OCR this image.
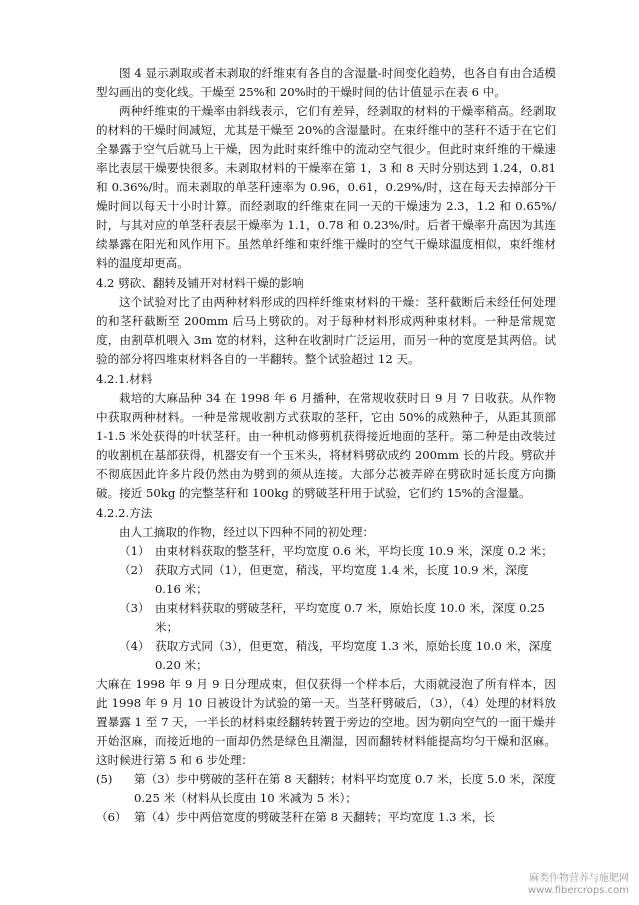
图 4 显示剥取或者未剥取的纤维束有各自的含湿量-时间变化趋势，也各自有由合适模型勾画出的变化线。干燥至 25%和 20%时的干燥时间的估计值显示在表 6 中。

两种纤维束的干燥率由斜线表示，它们有差异，经剥取的材料的干燥率稍高。经剥取的材料的干燥时间减短，尤其是干燥至 20%的含湿量时。在束纤维中的茎秆不适于在它们全暴露于空气后就马上干燥，因为此时束纤维中的流动空气很少。但此时束纤维的干燥速率比表层干燥要快很多。未剥取材料的干燥率在第 1，3 和 8 天时分别达到 1.24，0.81 和 0.36%/时。而未剥取的单茎秆速率为 0.96，0.61，0.29%/时，这在每天去掉部分干燥时间以每天十小时计算。而经剥取的纤维束在同一天的干燥速为 2.3，1.2 和 0.65%/时，与其对应的单茎秆表层干燥率为 1.1，0.78 和 0.23%/时。后者干燥率升高因为其连续暴露在阳光和风作用下。虽然单纤维和束纤维干燥时的空气干燥球温度相似，束纤维材料的温度却更高。

4.2 劈砍、翻转及铺开对材料干燥的影响

这个试验对比了由两种材料形成的四样纤维束材料的干燥：茎秆截断后未经任何处理的和茎秆截断至 200mm 后马上劈砍的。对于每种材料形成两种束材料。一种是常规宽度，由割草机喂入 3m 宽的材料，这种在收割时广泛运用，而另一种的宽度是其两倍。试验的部分将四堆束材料各自的一半翻转。整个试验超过 12 天。

4.2.1.材料

栽培的大麻品种 34 在 1998 年 6 月播种，在常规收获时日 9 月 7 日收获。从作物中获取两种材料。一种是常规收割方式获取的茎秆，它由 50%的成熟种子，从距其顶部 1-1.5 米处获得的叶状茎秆。由一种机动修剪机获得接近地面的茎秆。第二种是由改装过的收割机在基部获得，机器安有一个玉米头，将材料劈砍成约 200mm 长的片段。劈砍并不彻底因此许多片段仍然由为劈到的须从连接。大部分芯被弄碎在劈砍时延长度方向撕破。接近 50kg 的完整茎秆和 100kg 的劈破茎秆用于试验，它们约 15%的含湿量。

4.2.2.方法

由人工摘取的作物，经过以下四种不同的初处理：

（1） 由束材料获取的整茎秆，平均宽度 0.6 米，平均长度 10.9 米，深度 0.2 米；
（2） 获取方式同（1），但更宽，稍浅，平均宽度 1.4 米，长度 10.9 米，深度 0.16 米；
（3） 由束材料获取的劈破茎秆，平均宽度 0.7 米，原始长度 10.0 米，深度 0.25 米；
（4） 获取方式同（3），但更宽，稍浅，平均宽度 1.3 米，原始长度 10.0 米，深度 0.20 米；

大麻在 1998 年 9 月 9 日分理成束，但仅获得一个样本后，大雨就浸泡了所有样本，因此 1998 年 9 月 10 日被设计为试验的第一天。当茎秆劈破后，（3），（4）处理的材料放置暴露 1 至 7 天，一半长的材料束经翻转转置于旁边的空地。因为朝向空气的一面干燥并开始沤麻，而接近地的一面却仍然是绿色且潮湿，因而翻转材料能提高均匀干燥和沤麻。这时候进行第 5 和 6 步处理：

(5)	第（3）步中劈破的茎秆在第 8 天翻转；材料平均宽度 0.7 米，长度 5.0 米，深度 0.25 米（材料从长度由 10 米减为 5 米）；
（6） 第（4）步中两倍宽度的劈破茎秆在第 8 天翻转；平均宽度 1.3 米，长
麻类作物营养与施肥网
www.fibercrops.com
